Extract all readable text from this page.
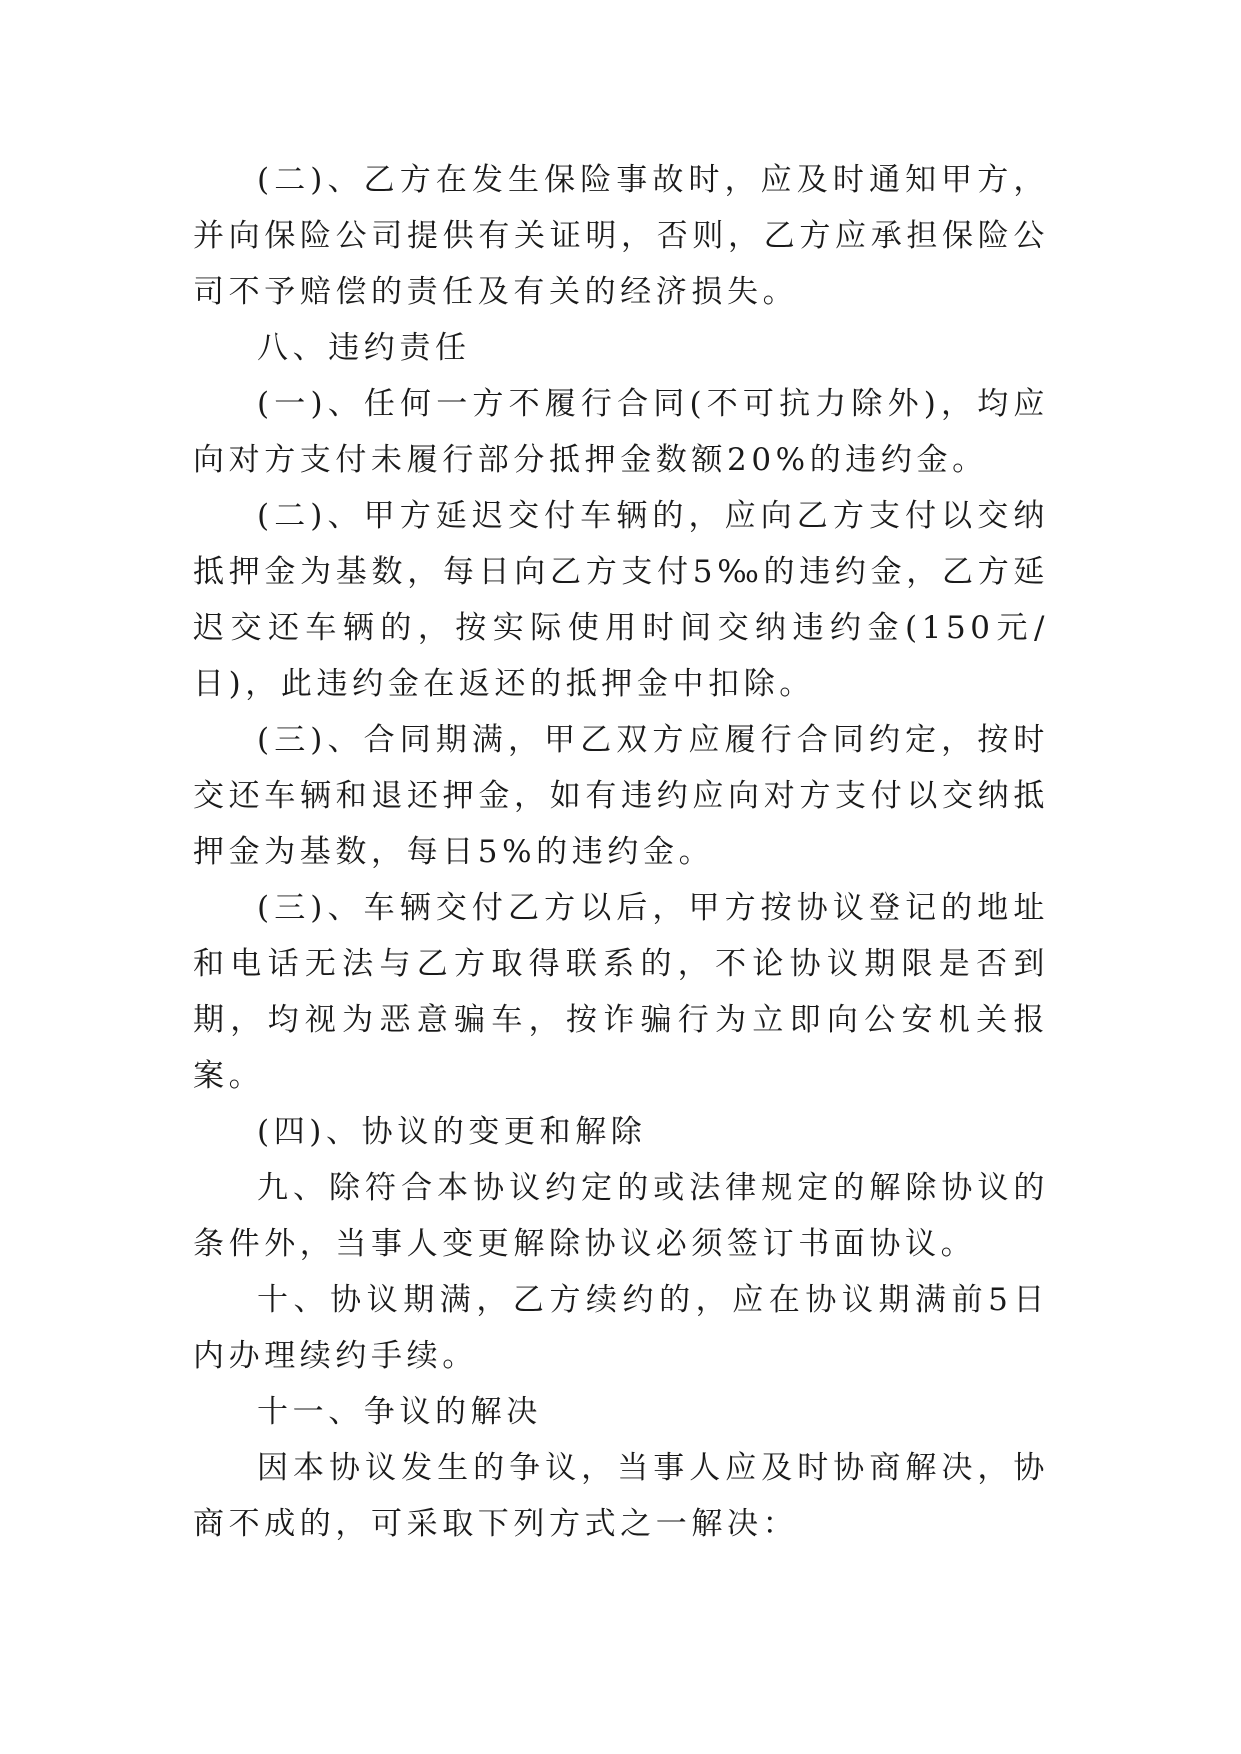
(二)、乙方在发生保险事故时，应及时通知甲方，并向保险公司提供有关证明，否则，乙方应承担保险公司不予赔偿的责任及有关的经济损失。

八、违约责任

(一)、任何一方不履行合同(不可抗力除外)，均应向对方支付未履行部分抵押金数额20%的违约金。

(二)、甲方延迟交付车辆的，应向乙方支付以交纳抵押金为基数，每日向乙方支付5‰的违约金，乙方延迟交还车辆的，按实际使用时间交纳违约金(150元/日)，此违约金在返还的抵押金中扣除。

(三)、合同期满，甲乙双方应履行合同约定，按时交还车辆和退还押金，如有违约应向对方支付以交纳抵押金为基数，每日5%的违约金。

(三)、车辆交付乙方以后，甲方按协议登记的地址和电话无法与乙方取得联系的，不论协议期限是否到期，均视为恶意骗车，按诈骗行为立即向公安机关报案。

(四)、协议的变更和解除

九、除符合本协议约定的或法律规定的解除协议的条件外，当事人变更解除协议必须签订书面协议。

十、协议期满，乙方续约的，应在协议期满前5日内办理续约手续。

十一、争议的解决

因本协议发生的争议，当事人应及时协商解决，协商不成的，可采取下列方式之一解决：
